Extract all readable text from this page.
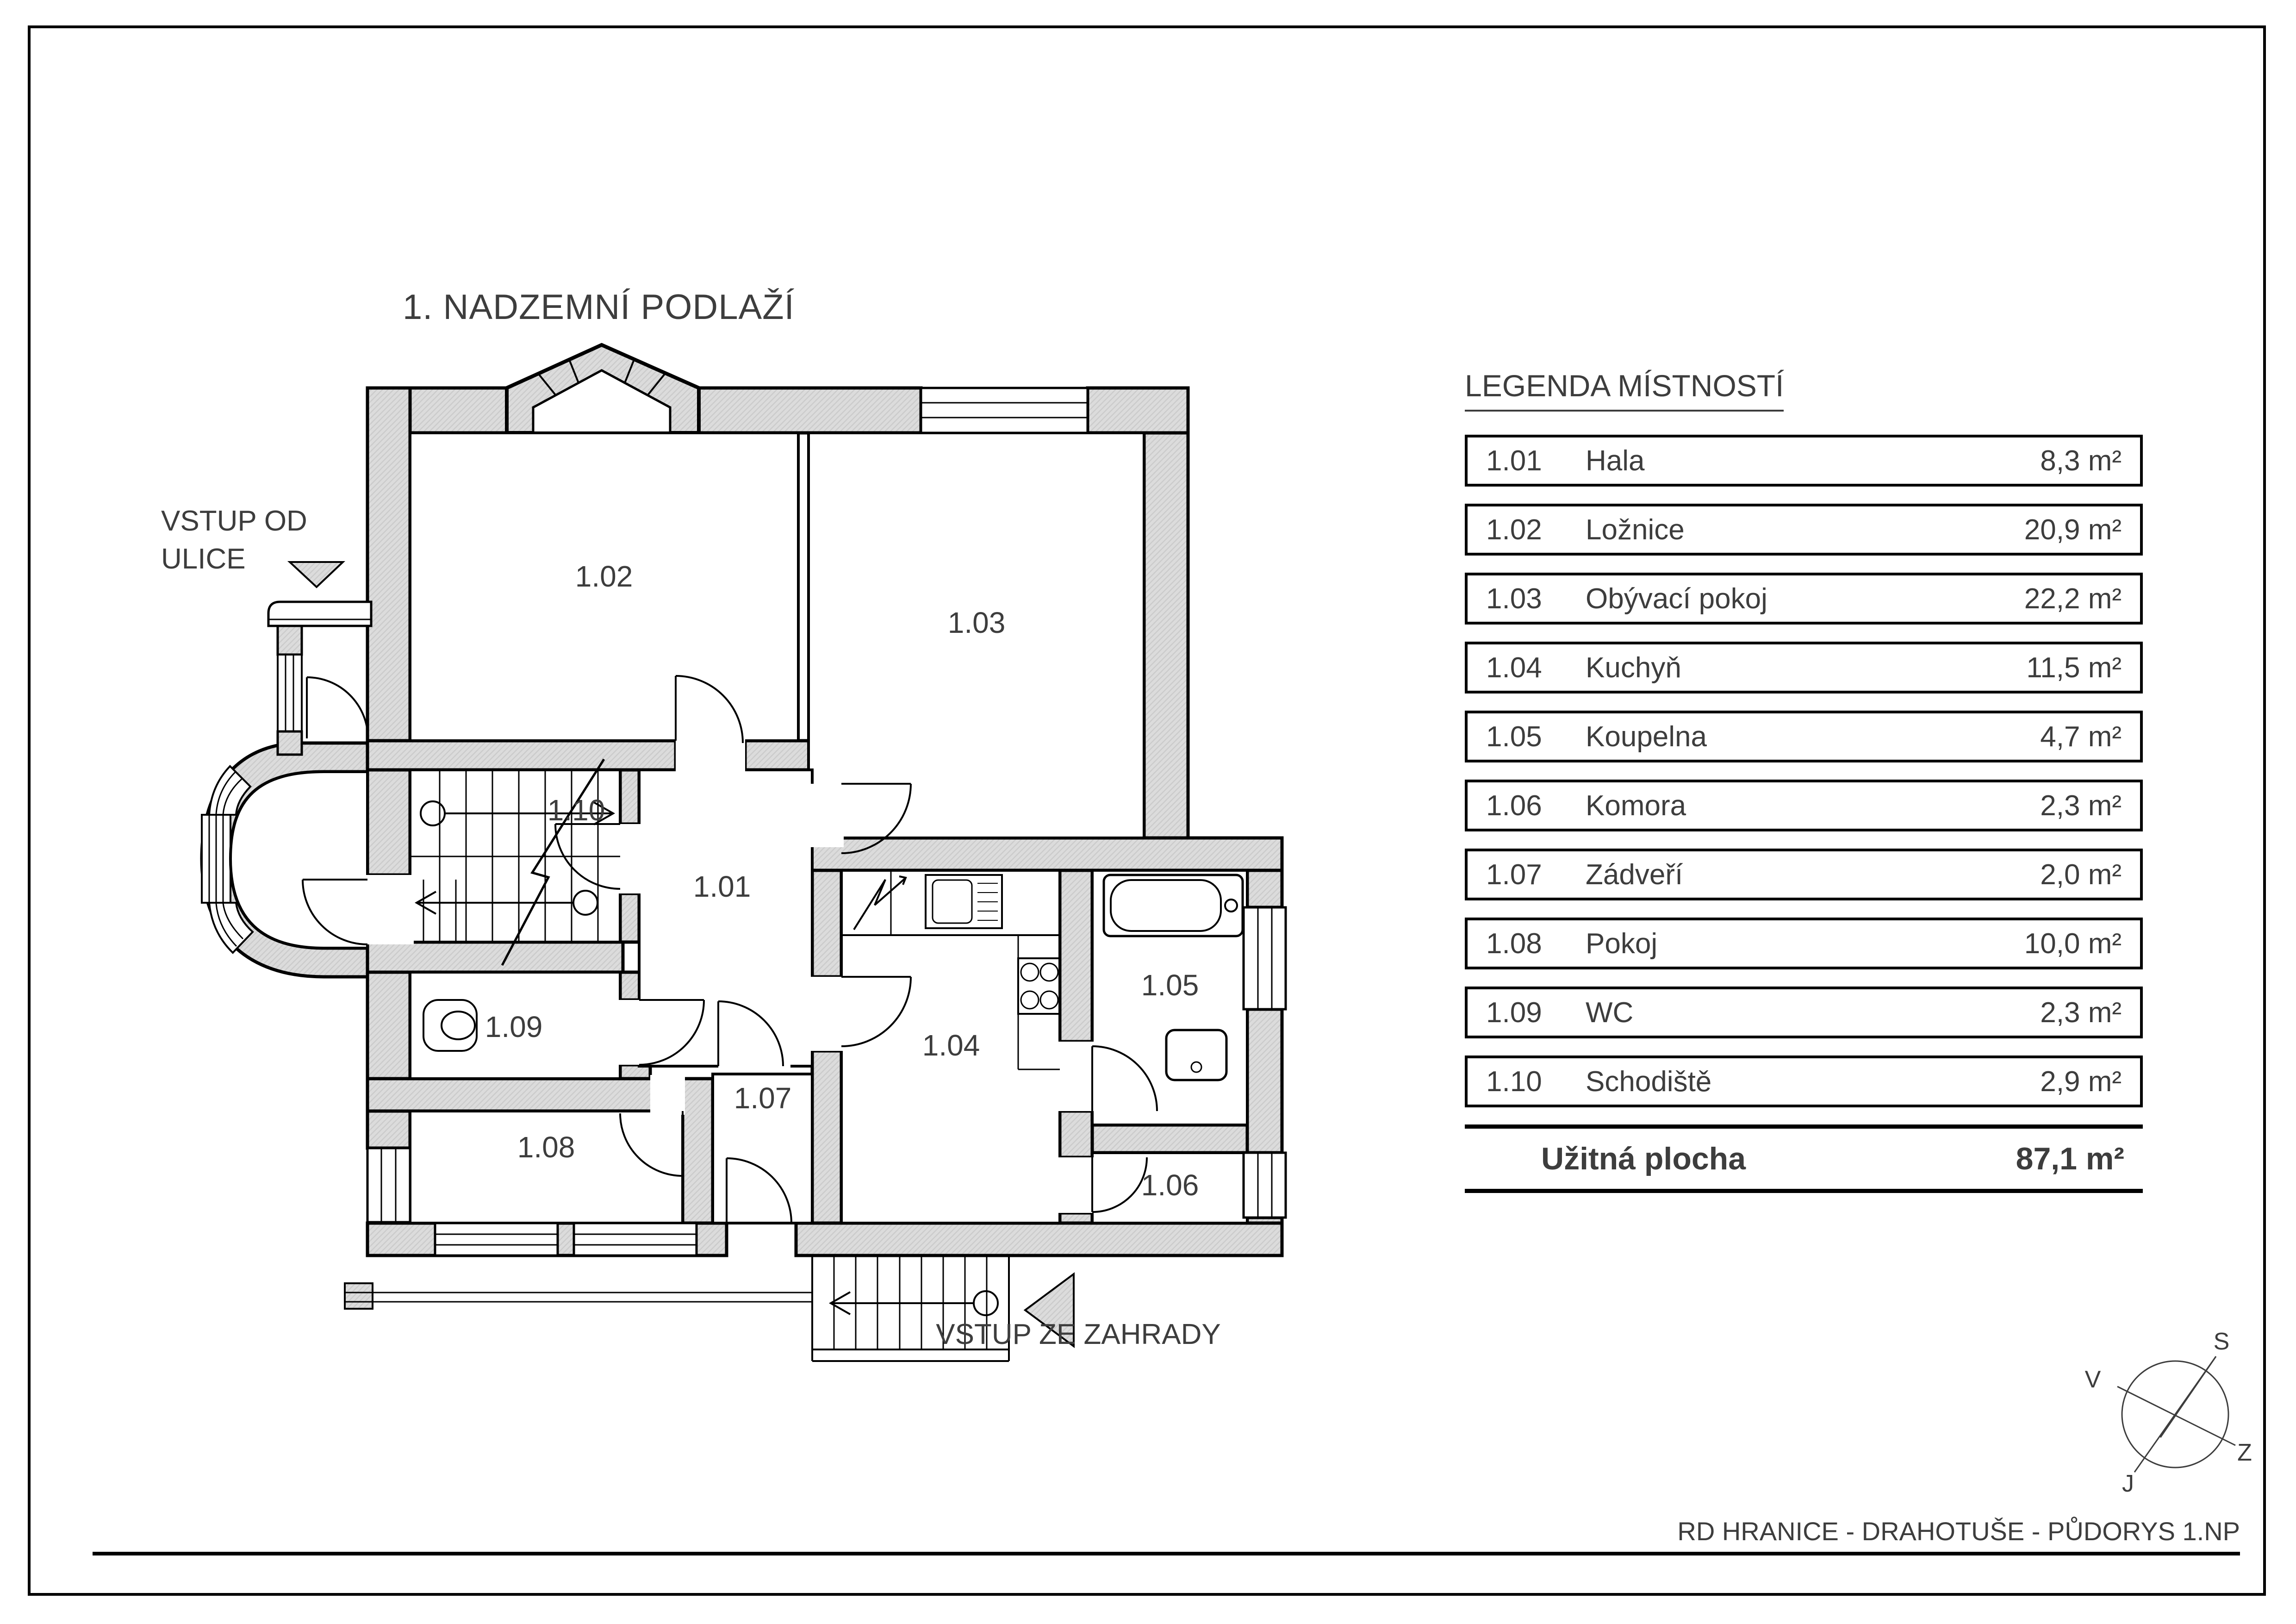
1. NADZEMNÍ PODLAŽÍ
VSTUP OD
ULICE
VSTUP ZE ZAHRADY
1.02
1.03
1.10
1.01
1.09
1.08
1.07
1.04
1.05
1.06
LEGENDA MÍSTNOSTÍ
1.01	Hala	8,3 m²
1.02	Ložnice	20,9 m²
1.03	Obývací pokoj	22,2 m²
1.04	Kuchyň	11,5 m²
1.05	Koupelna	4,7 m²
1.06	Komora	2,3 m²
1.07	Zádveří	2,0 m²
1.08	Pokoj	10,0 m²
1.09	WC	2,3 m²
1.10	Schodiště	2,9 m²
Užitná plocha	87,1 m²
S
V
Z
J
RD HRANICE - DRAHOTUŠE - PŮDORYS 1.NP
